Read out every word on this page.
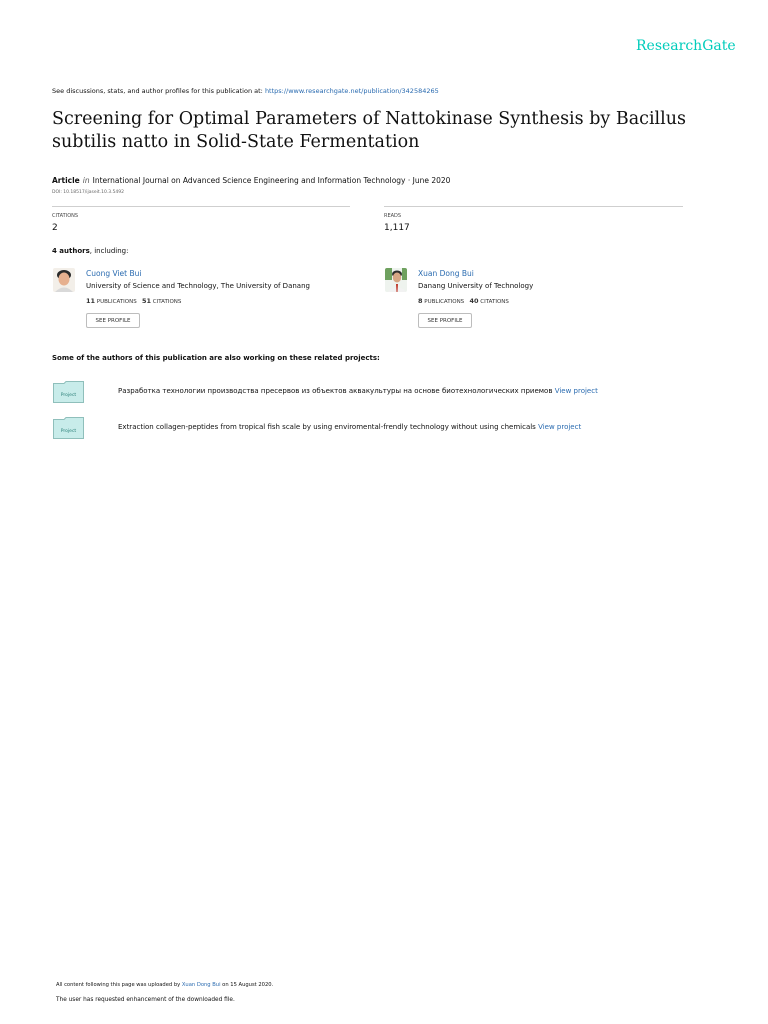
ResearchGate
See discussions, stats, and author profiles for this publication at: https://www.researchgate.net/publication/342584265
Screening for Optimal Parameters of Nattokinase Synthesis by Bacillus subtilis natto in Solid-State Fermentation
Article in International Journal on Advanced Science Engineering and Information Technology · June 2020
DOI: 10.18517/ijaseit.10.3.5492
CITATIONS
2
READS
1,117
4 authors, including:
Cuong Viet Bui
University of Science and Technology, The University of Danang
11 PUBLICATIONS 51 CITATIONS
SEE PROFILE
Xuan Dong Bui
Danang University of Technology
8 PUBLICATIONS 40 CITATIONS
SEE PROFILE
Some of the authors of this publication are also working on these related projects:
Project
Разработка технологии производства пресервов из объектов аквакультуры на основе биотехнологических приемов View project
Project
Extraction collagen-peptides from tropical fish scale by using enviromental-frendly technology without using chemicals View project
All content following this page was uploaded by Xuan Dong Bui on 15 August 2020.
The user has requested enhancement of the downloaded file.
